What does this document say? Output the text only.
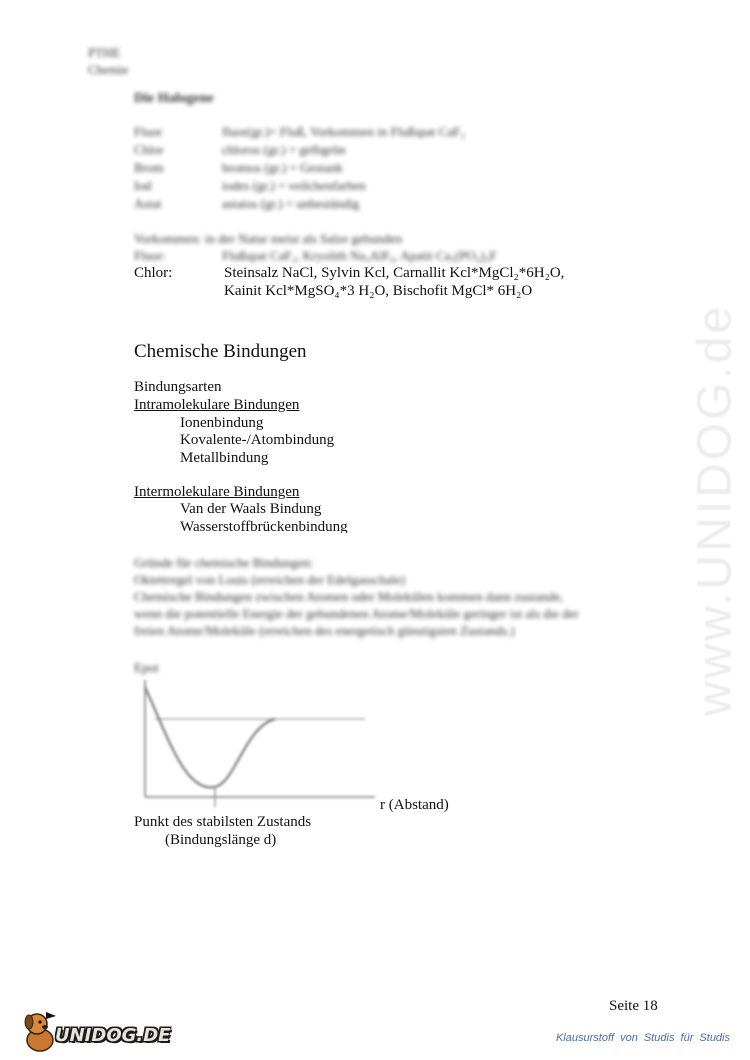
www.UNIDOG.de
PTHE
Chemie
Die Halogene
Fluor	fluor(gr.)= Fluß, Vorkommen in Flußspat CaF₂
Chlor	chloros (gr.) = gelbgrün
Brom	bromos (gr.) = Gestank
Iod	iodes (gr.) = veilchenfarben
Astat	astatos (gr.) = unbeständig
Vorkommen: in der Natur meist als Salze gebunden
Fluor:	Flußspat CaF₂, Kryolith Na₃AlF₆, Apatit Ca₅(PO₄)₃F
Chlor:	Steinsalz NaCl, Sylvin Kcl, Carnallit Kcl*MgCl₂*6H₂O,
Kainit Kcl*MgSO₄*3 H₂O, Bischofit MgCl* 6H₂O
Chemische Bindungen
Bindungsarten
Intramolekulare Bindungen
Ionenbindung
Kovalente-/Atombindung
Metallbindung
Intermolekulare Bindungen
Van der Waals Bindung
Wasserstoffbrückenbindung
Gründe für chemische Bindungen:
Oktettregel von Louis (erreichen der Edelgasschale)
Chemische Bindungen zwischen Atomen oder Molekülen kommen dann zustande,
wenn die potentielle Energie der gebundenen Atome/Moleküle geringer ist als die der
freien Atome/Moleküle (erreichen des energetisch günstigsten Zustands.)
Epot
r (Abstand)
Punkt des stabilsten Zustands
(Bindungslänge d)
Seite 18
UNIDOG.DE	Klausurstoff von Studis für Studis
